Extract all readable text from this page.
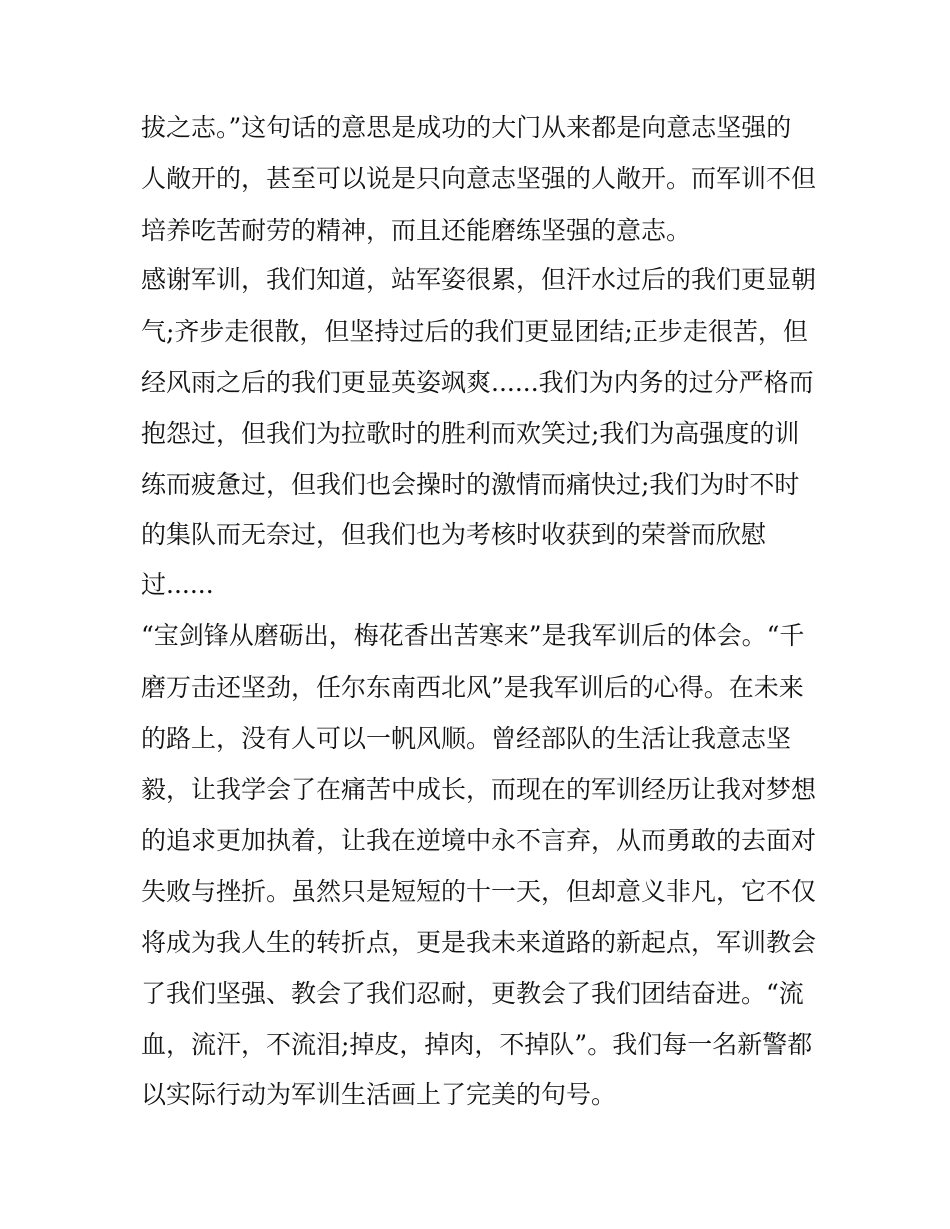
拔之志。”这句话的意思是成功的大门从来都是向意志坚强的
人敞开的，甚至可以说是只向意志坚强的人敞开。而军训不但
培养吃苦耐劳的精神，而且还能磨练坚强的意志。
感谢军训，我们知道，站军姿很累，但汗水过后的我们更显朝
气;齐步走很散，但坚持过后的我们更显团结;正步走很苦，但
经风雨之后的我们更显英姿飒爽......我们为内务的过分严格而
抱怨过，但我们为拉歌时的胜利而欢笑过;我们为高强度的训
练而疲惫过，但我们也会操时的激情而痛快过;我们为时不时
的集队而无奈过，但我们也为考核时收获到的荣誉而欣慰
过......
“宝剑锋从磨砺出，梅花香出苦寒来”是我军训后的体会。“千
磨万击还坚劲，任尔东南西北风”是我军训后的心得。在未来
的路上，没有人可以一帆风顺。曾经部队的生活让我意志坚
毅，让我学会了在痛苦中成长，而现在的军训经历让我对梦想
的追求更加执着，让我在逆境中永不言弃，从而勇敢的去面对
失败与挫折。虽然只是短短的十一天，但却意义非凡，它不仅
将成为我人生的转折点，更是我未来道路的新起点，军训教会
了我们坚强、教会了我们忍耐，更教会了我们团结奋进。“流
血，流汗，不流泪;掉皮，掉肉，不掉队”。我们每一名新警都
以实际行动为军训生活画上了完美的句号。
